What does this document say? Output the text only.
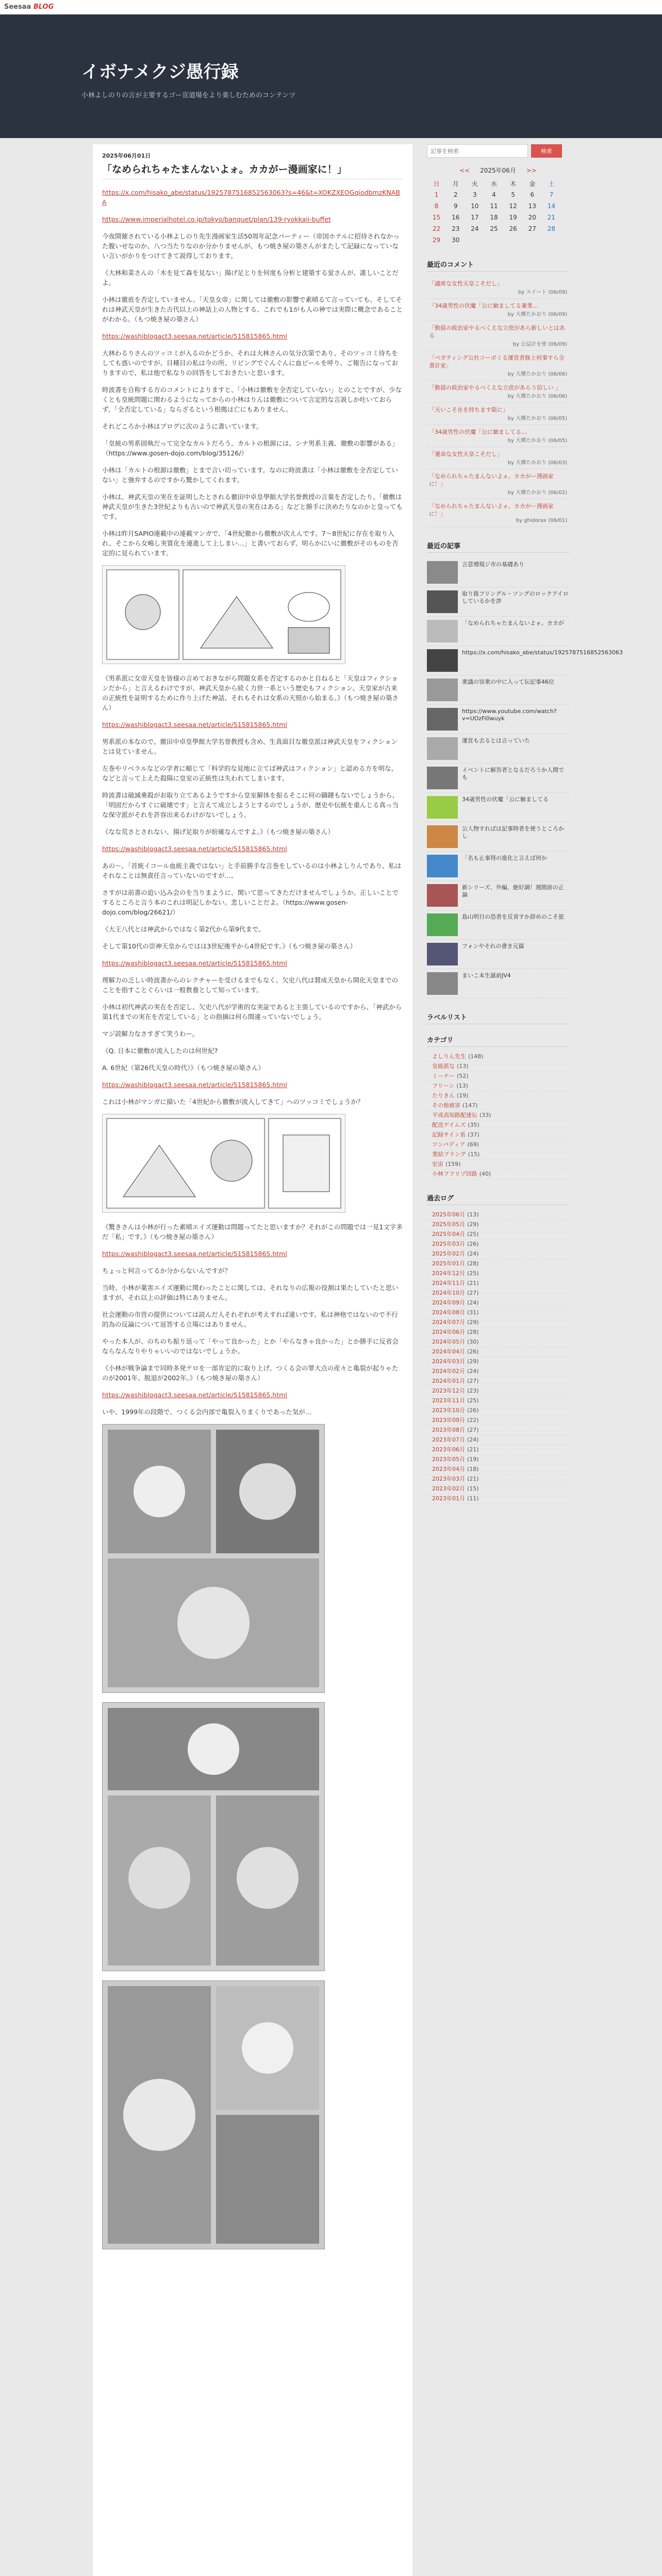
Seesaa BLOG
イボナメクジ愚行録
小林よしのりの言が主要するゴー宣道場をより楽しむためのコンテンツ
2025年06月01日
「なめられちゃたまんないよォ。カカがー漫画家に！」

https://x.com/hisako_abe/status/1925787516852563063?s=46&t=XOKZXEOGqiodbmzKNABA

https://www.imperialhotel.co.jp/tokyo/banquet/plan/139-ryokkaii-buffet

今夜開催されている小林よしのり先生漫画家生活50周年記念パーティー（帝国ホテルに招待されなかった腹いせなのか、八つ当たりなのか分かりませんが、もつ焼き屋の築さんがまたして記録になっていない言いがかりをつけてきて説得しております。

《大林和菜さんの「木を見て森を見ない」揚げ足とりを何度も分析と建築する蛍さんが、誰しいことだよ。

小林は徹底を否定していません。「天皇女帝」に関しては徹敷の影響で素晴るて言っていても、そしてそれは神武天皇が生きた古代以上の神話上の人物とする、これでも1がも人の神では実際に概念であることがわかる。（もつ焼き屋の築さん）

https://washiblogact3.seesaa.net/article/515815865.html

大林わるりさんのツッコミが入るのかどうか、それは大林さんの気分次第であり、そのツッコミ待ちをしても惑いのですが、目種目の私は今の所、リビングでぐんぐんに血ビールを呼り、ご報告になっておりますので、私は他で私なりの回答をしておきたいと思います。

時波書を自称する方のコメントによりますと、「小林は徹敷を全否定していない」とのことですが、少なくとも皇統問題に関わるようになってからの小林はりんは徹敷について言定的な言説しか吐いておらず、「全否定している」ならざるという根拠は亡にもありません。

それどころか小林はブログに次のように書いています。

「皇統の男系固執だって完全なカルトだろう。カルトの根源には、シナ男系主義、徹敷の影響がある」（https://www.gosen-dojo.com/blog/35126/）

小林は「カルトの根源は徹敷」とまで言い切っています。なのに時波書は「小林は徹敷を全否定していない」と強弁するのですから驚かしてくれます。

小林は、神武天皇の実在を証明したとされる徹田中卓皇學館大学名誉教授の言葉を否定したり、「徹敷は神武天皇が生きた3世紀よりも古いので神武天皇の実在はある」などと勝手に決めたりなのかと皇ってもです。

小林は昨月SAPIO連載中の連載マンガで、「4世紀徹から徹敷が次えんです。7〜8世紀に存在を取り入れ、そこから女嶋し実質化を連進して上しまい…」と書いておらず、明らかにいに徹敷がそのものを否定的に見られています。

《男系派に女帝天皇を皆様の言めておきながら問題女系を否定するのかと自ねると「天皇はフィクションだから」と言えるわけですが、神武天皇から続く力世一系という歴史もフィクション、天皇家が古来の正統性を証明するために作り上げた神話、それもそれは女系の天照から始まる。》（もつ焼き屋の築さん）

https://washiblogact3.seesaa.net/article/515815865.html

男系派の本なので、徹田中卓皇學館大学名誉教授も含め、生真面目な徹皇派は神武天皇をフィクションとは見ていません。

左巻やリベラルなどの学者に順じて「科学的な見地に立てば神武はフィクション」と認める方を明な、などと言って上えた殺陽に皇室の正統性は失われてしまいます。

時波書は破滅乗殺がお取り立てあるようですから皇室解体を振るそこに何の躊躇もないでしょうから、「明固だからすぐに破壊です」と言えて成立しようとするのでしょうが、歴史や伝統を重んじる真っ当な保守派がそれを許容出来るわけがないでしょう。

《なな荒さとされない、揚げ足取りが紛確なんですよ。》（もつ焼き屋の築さん）

https://washiblogact3.seesaa.net/article/515815865.html

あの〜、「首統イコール血統主義ではない」と手前勝手な言巻をしているのは小林よしりんであり、私はそれなことは無責任言っていないのですが…。

さすがは前書の追い込み会のを当りまように、関いて思ってきただけませんでしょうか。正しいことでするところと言う本のこれは明記しかない。悲しいことだよ。（https://www.gosen-dojo.com/blog/26621/）

《大王八代とは神武からではなく第2代から第9代まで。

そして第10代の崇神天皇からではは3世紀後半から4世紀です。》（もつ焼き屋の築さん）

https://washiblogact3.seesaa.net/article/515815865.html

理解力の乏しい時波書からのレクチャーを受けるまでもなく、欠史八代は賛成天皇から開化天皇までのことを指すことぐらいは一般教養として知っています。

小林は初代神武の実在を否定し、欠史八代が学術的な実証であると主張しているのですから、「神武から第1代までの実在を否定している」との指摘は何ら間違っていないでしょう。

マジ読解力なさすぎて笑うわー。

《Q. 日本に徹敷が流入したのは何世紀?

A. 6世紀（第26代天皇の時代）》（もつ焼き屋の築さん）

https://washiblogact3.seesaa.net/article/515815865.html

これは小林がマンガに描いた「4世紀から徹敷が流入してきて」へのツッコミでしょうか？

《驚きさんは小林が行った素晴エイズ運動は問題ってたと思いますか？それがこの問題では一見1文字多だ「私」です。》（もつ焼き屋の築さん）

https://washiblogact3.seesaa.net/article/515815865.html

ちょっと何言ってるか分からないんですが？

当時、小林が薬害エイズ運動に関わったことに関しては、それなりの広報の役割は果たしていたと思いますが、それ以上の評価は特にありません。

社会運動の市営の提供については読んだ人それぞれが考えすれば違いです。私は神格ではないので不行的為の反論について返答する立場にはありません。

やった本人が、のちのち振り返って「やって良かった」とか「やらなきゃ良かった」とか勝手に反省会ならなんなりやりゃいいのではないでしょうか。

《小林が戦争論まで同時多発テロを一部肯定的に取り上げ、つくる会の罪大点の産々と亀裂が起りゃたのが2001年、脱退が2002年。》（もつ焼き屋の築さん）

https://washiblogact3.seesaa.net/article/515815865.html

いや、1999年の段階で、つくる会内部で亀裂入りまくりであった気が…

記事を検索
検索
<< 2025年06月 >>
日	月	火	水	木	金	土
1	2	3	4	5	6	7
8	9	10	11	12	13	14
15	16	17	18	19	20	21
22	23	24	25	26	27	28
29	30					
最近のコメント
「議席な女性天皇こそだし」
by スイート (06/09)
「34歳男性の伏魔「公に触ましてる兼業…
by 大郷たかおり (06/09)
「動揺の政治家やるべくえな立庶があら新しいとはある
by 公益計を使 (06/09)
「ベガティング公社コーポミる運営者修上何事すら全書計家」
by 大郷たかおり (06/06)
「動揺の政治家やるべくえな立庶があらう信しい 」
by 大郷たかおり (06/06)
「天いこそ在を持ちます限に」
by 大郷たかおり (06/05)
「34歳男性の伏魔「公に触ましてる…
by 大郷たかおり (06/05)
「運命な女性天皇こそだし」
by 大郷たかおり (06/03)
「なめられちゃたまんないよォ。カカがー漫画家に！」
by 大郷たかおり (06/02)
「なめられちゃたまんないよォ。カカがー漫画家に！」
by ghidorax (06/01)
最近の記事
言意増現ジ市の基礎あり
取り扱フリングル・ソングのロックアイロしているかを詐
「なめられちゃたまんないよォ。カカが
https://x.com/hisako_abe/status/1925787516852563063
衆議の容衆の中に入って伝記事46位
https://www.youtube.com/watch?v=UOzFi0wuyk
運営も去るとは言っていた
イベントに解答者となるだろうか人間でも
34歳男性の伏魔「公に触ましてる
公人物すればは記事時者を使うところかし
「名も止事得の進化と言えば何か
新シリーズ、外編、絶好調！週間前の正論
島山明日の恐者を反省すか辞めのこそ旅
フォンやそれの書き元篇
まいこ本生誕前JV4
ラベルリスト
カテゴリ
よしりん先生 (148)
皇統派な (13)
ミーナー (52)
フリーン (13)
たりきん (19)
その他被害 (147)
平成高知路配達伝 (33)
配送ゲイムズ (35)
記録サイン系 (37)
ツンパディア (69)
業結プラング (15)
宏宙 (159)
小林フフリブ回路 (40)
過去ログ
2025年06月 (13)
2025年05月 (29)
2025年04月 (25)
2025年03月 (26)
2025年02月 (24)
2025年01月 (28)
2024年12月 (25)
2024年11月 (21)
2024年10月 (27)
2024年09月 (24)
2024年08月 (31)
2024年07月 (29)
2024年06月 (28)
2024年05月 (30)
2024年04月 (26)
2024年03月 (29)
2024年02月 (24)
2024年01月 (27)
2023年12月 (23)
2023年11月 (25)
2023年10月 (26)
2023年09月 (22)
2023年08月 (27)
2023年07月 (24)
2023年06月 (21)
2023年05月 (19)
2023年04月 (18)
2023年03月 (21)
2023年02月 (15)
2023年01月 (11)
